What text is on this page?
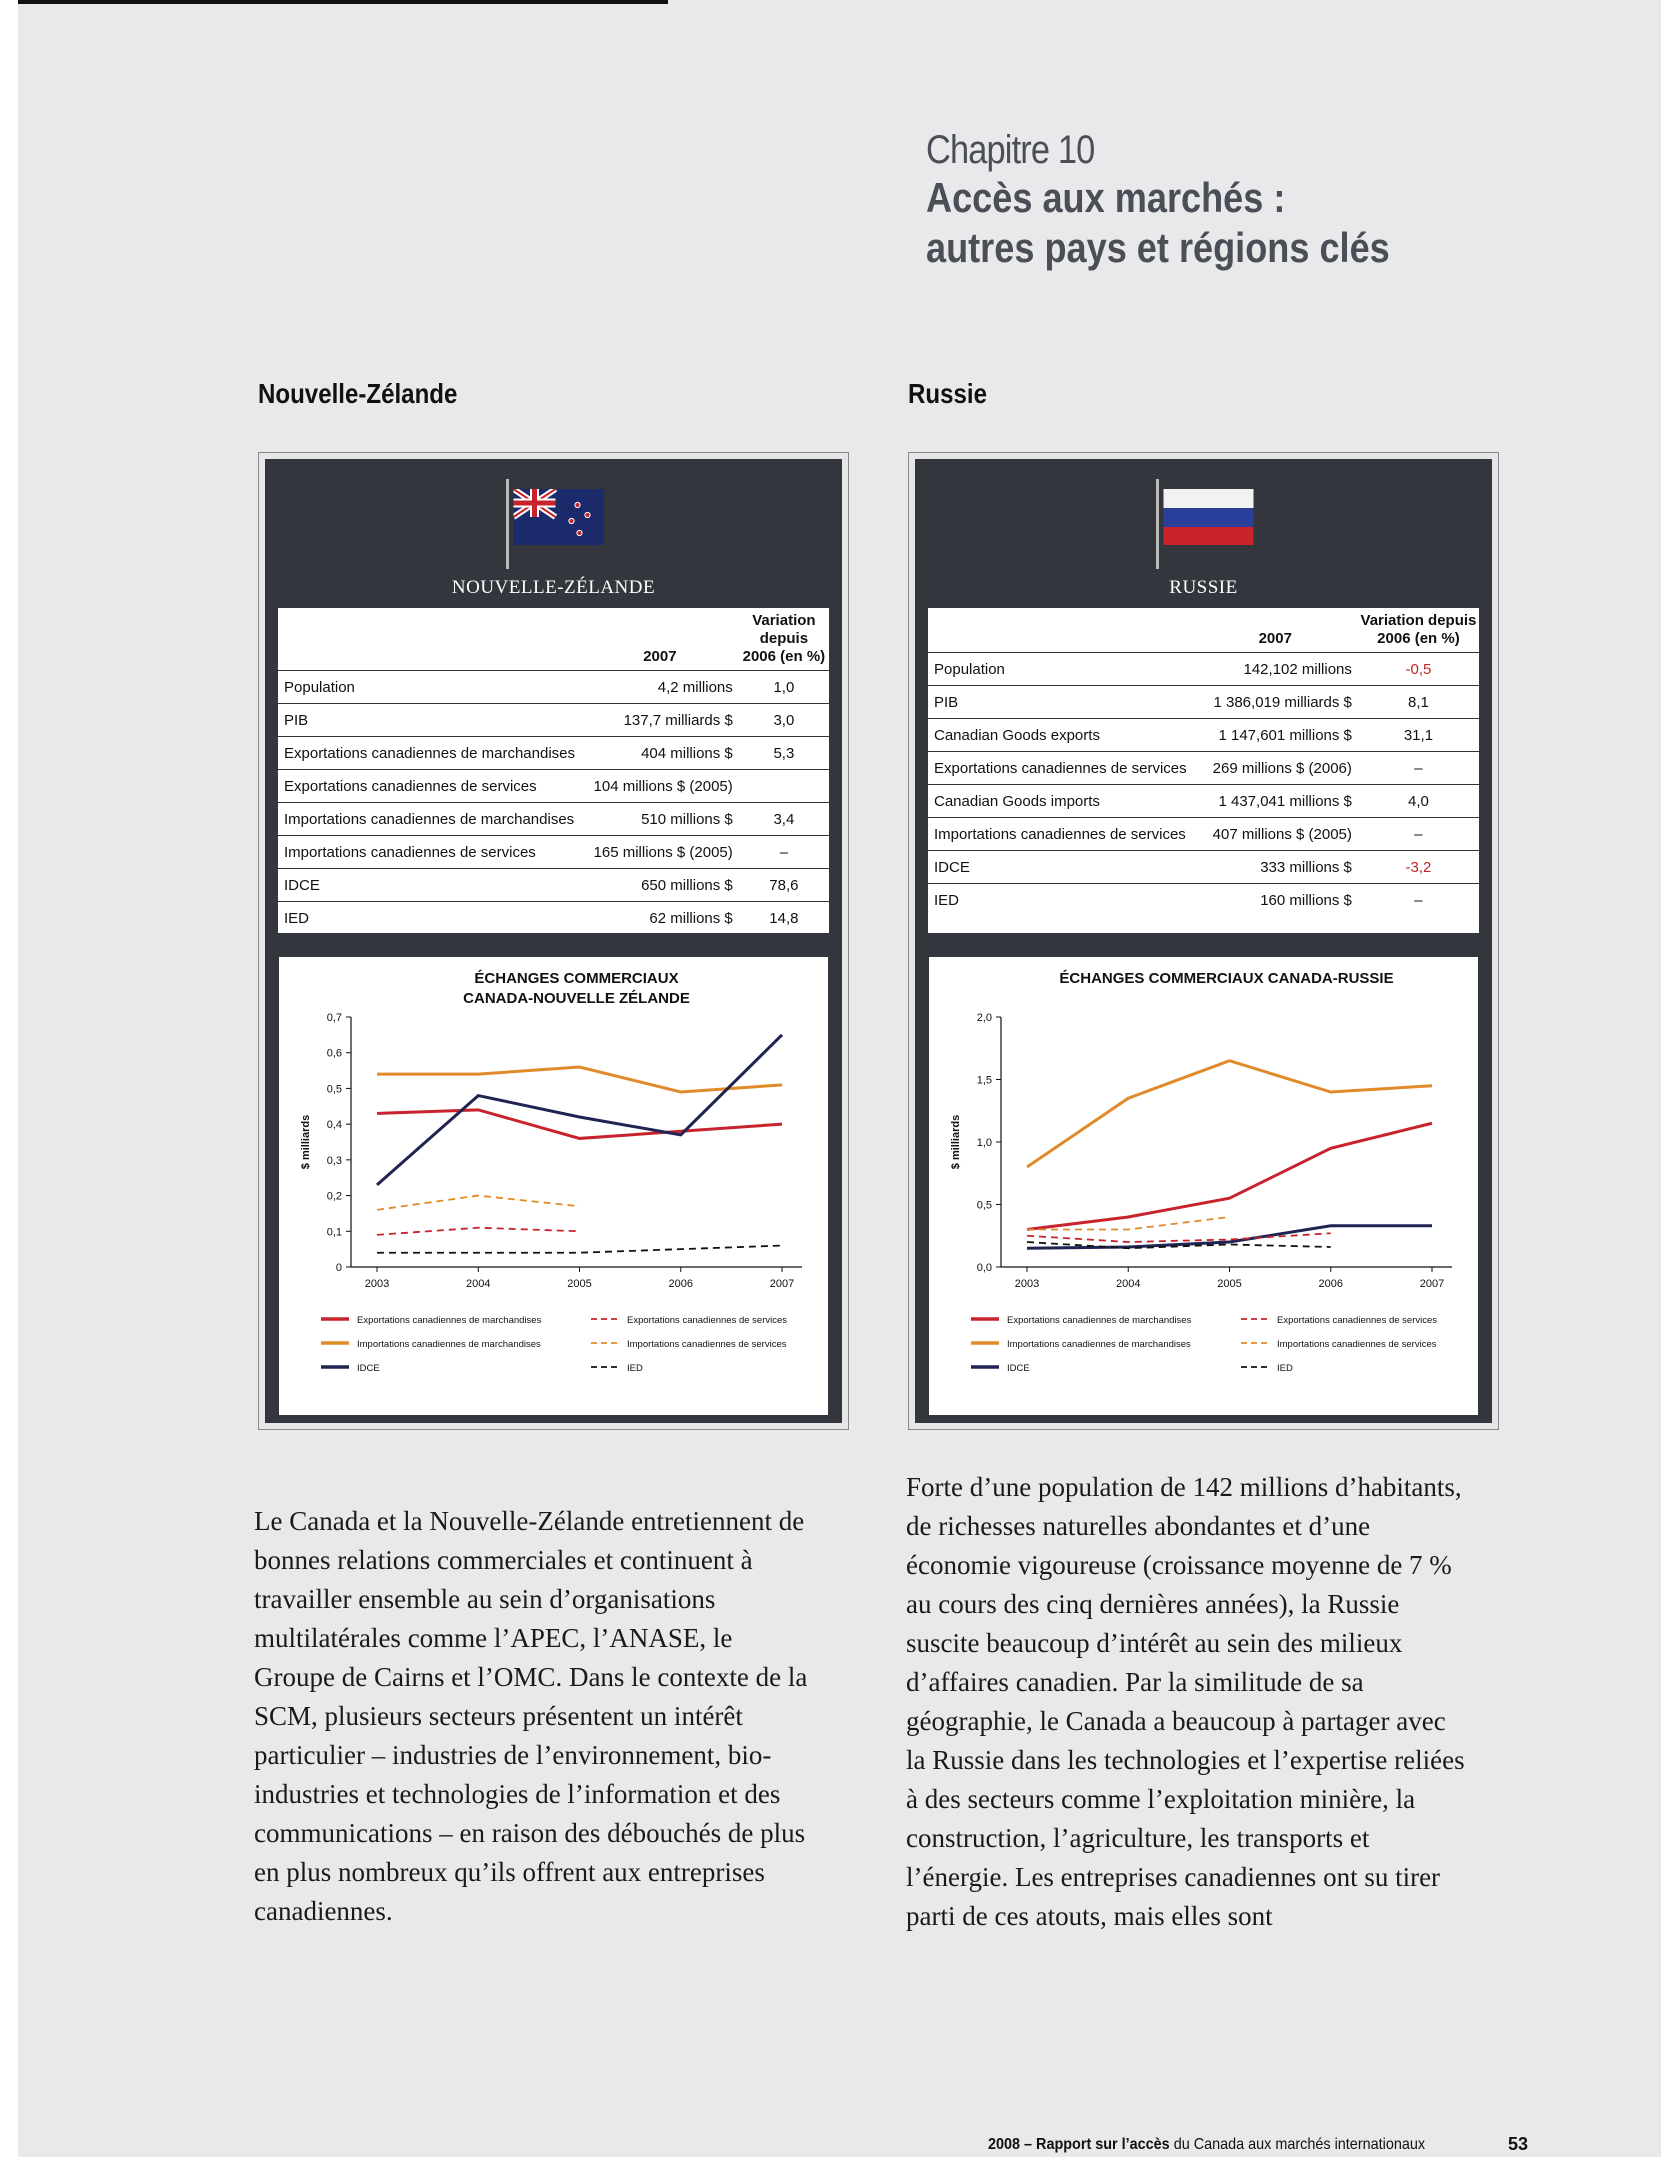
Chapitre 10
Accès aux marchés :
autres pays et régions clés
Nouvelle-Zélande
NOUVELLE-ZÉLANDE
	2007	Variation depuis
2006 (en %)
Population	4,2 millions	1,0
PIB	137,7 milliards $	3,0
Exportations canadiennes de marchandises	404 millions $	5,3
Exportations canadiennes de services	104 millions $ (2005)	
Importations canadiennes de marchandises	510 millions $	3,4
Importations canadiennes de services	165 millions $ (2005)	–
IDCE	650 millions $	78,6
IED	62 millions $	14,8
ÉCHANGES COMMERCIAUX
CANADA-NOUVELLE ZÉLANDE
0
0,1
0,2
0,3
0,4
0,5
0,6
0,7
2003	2004	2005	2006	2007
$ milliards
Exportations canadiennes de marchandises	Exportations canadiennes de services
Importations canadiennes de marchandises	Importations canadiennes de services
IDCE	IED
Russie
RUSSIE
	2007	Variation depuis
2006 (en %)
Population	142,102 millions	-0,5
PIB	1 386,019 milliards $	8,1
Canadian Goods exports	1 147,601 millions $	31,1
Exportations canadiennes de services	269 millions $ (2006)	–
Canadian Goods imports	1 437,041 millions $	4,0
Importations canadiennes de services	407 millions $ (2005)	–
IDCE	333 millions $	-3,2
IED	160 millions $	–
ÉCHANGES COMMERCIAUX CANADA-RUSSIE
0,0
0,5
1,0
1,5
2,0
2003	2004	2005	2006	2007
$ milliards
Exportations canadiennes de marchandises	Exportations canadiennes de services
Importations canadiennes de marchandises	Importations canadiennes de services
IDCE	IED
Le Canada et la Nouvelle-Zélande entretiennent de bonnes relations commerciales et continuent à travailler ensemble au sein d’organisations multilatérales comme l’APEC, l’ANASE, le Groupe de Cairns et l’OMC. Dans le contexte de la SCM, plusieurs secteurs présentent un intérêt particulier – industries de l’environnement, bio-industries et technologies de l’information et des communications – en raison des débouchés de plus en plus nombreux qu’ils offrent aux entreprises canadiennes.
Forte d’une population de 142 millions d’habitants, de richesses naturelles abondantes et d’une économie vigoureuse (croissance moyenne de 7 % au cours des cinq dernières années), la Russie suscite beaucoup d’intérêt au sein des milieux d’affaires canadien. Par la similitude de sa géographie, le Canada a beaucoup à partager avec la Russie dans les technologies et l’expertise reliées à des secteurs comme l’exploitation minière, la construction, l’agriculture, les transports et l’énergie. Les entreprises canadiennes ont su tirer parti de ces atouts, mais elles sont
2008 – Rapport sur l’accès du Canada aux marchés internationaux	53
